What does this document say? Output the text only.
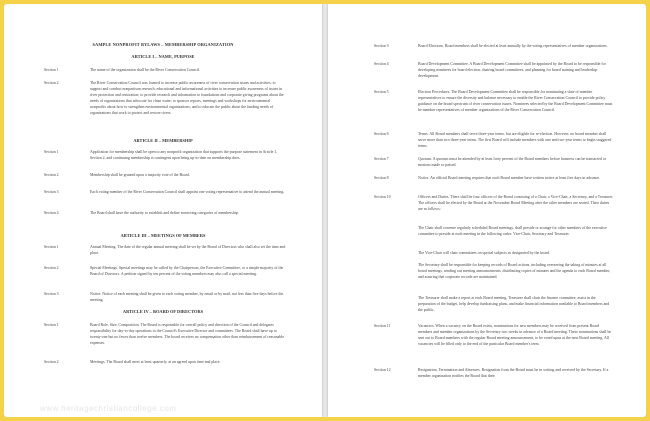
SAMPLE NONPROFIT BYLAWS – MEMBERSHIP ORGANIZATION
ARTICLE I – NAME, PURPOSE
Section 1	The name of the organization shall be the River Conservation Council.
Section 2	The River Conservation Council was formed to increase public awareness of river conservation issues and activities; to support and conduct nonpartisan research, educational and informational activities to increase public awareness of issues in river protection and restoration; to provide research and information to foundations and corporate giving programs about the needs of organizations that advocate for clean water; to sponsor reports, meetings and workshops for environmental nonprofits about how to strengthen environmental organizations; and to educate the public about the funding needs of organizations that work to protect and restore rivers.
ARTICLE II – MEMBERSHIP
Section 1	Application for membership shall be open to any nonprofit organization that supports the purpose statement in Article 1, Section 2, and continuing membership is contingent upon being up-to-date on membership dues.
Section 2	Membership shall be granted upon a majority vote of the Board.
Section 3	Each voting member of the River Conservation Council shall appoint one voting representative to attend the annual meeting.
Section 4	The Board shall have the authority to establish and define nonvoting categories of membership.
ARTICLE III – MEETINGS OF MEMBERS
Section 1	Annual Meeting. The date of the regular annual meeting shall be set by the Board of Directors who shall also set the time and place.
Section 2	Special Meetings. Special meetings may be called by the Chairperson, the Executive Committee, or a simple majority of the Board of Directors. A petition signed by ten percent of the voting members may also call a special meeting.
Section 3	Notice. Notice of each meeting shall be given to each voting member, by email or by mail, not less than five days before the meeting.
ARTICLE IV – BOARD OF DIRECTORS
Section 1	Board Role, Size, Composition. The Board is responsible for overall policy and direction of the Council and delegates responsibility for day-to-day operations to the Council's Executive Director and committees. The Board shall have up to twenty-one but no fewer than twelve members. The board receives no compensation other than reimbursement of reasonable expenses.
Section 2	Meetings. The Board shall meet at least quarterly, at an agreed upon time and place.
www.heritagechristiancollege.com
Section 3	Board Elections. Board members shall be elected at least annually by the voting representatives of member organizations.
Section 4	Board Development Committee. A Board Development Committee shall be appointed by the Board to be responsible for developing nominees for board election, chairing board committees, and planning for board training and leadership development.
Section 5	Election Procedures. The Board Development Committee shall be responsible for nominating a slate of member representatives to ensure the diversity and balance necessary to enable the River Conservation Council to provide policy guidance on the broad spectrum of river conservation issues. Nominees selected by the Board Development Committee must be member representatives of member organizations of the River Conservation Council.
Section 6	Terms. All Board members shall serve three-year terms, but are eligible for re-election. However, no board member shall serve more than two three-year terms. The first Board will include members with one and two-year terms to begin staggered terms.
Section 7	Quorum. A quorum must be attended by at least forty percent of the Board members before business can be transacted or motions made or passed.
Section 8	Notice. An official Board meeting requires that each Board member have written notice at least five days in advance.
Section 10	Officers and Duties. There shall be four officers of the Board consisting of a Chair, a Vice-Chair, a Secretary, and a Treasurer. The officers shall be elected by the Board at the November Board Meeting after the other members are seated. Their duties are as follows:
The Chair shall convene regularly scheduled Board meetings, shall preside or arrange for other members of the executive committee to preside at each meeting in the following order: Vice-Chair, Secretary and Treasurer.
The Vice-Chair will chair committees on special subjects as designated by the board.
The Secretary shall be responsible for keeping records of Board actions, including overseeing the taking of minutes at all board meetings, sending out meeting announcements, distributing copies of minutes and the agenda to each Board member, and assuring that corporate records are maintained.
The Treasurer shall make a report at each Board meeting. Treasurer shall chair the finance committee, assist in the preparation of the budget, help develop fundraising plans, and make financial information available to Board members and the public.
Section 11	Vacancies. When a vacancy on the Board exists, nominations for new members may be received from present Board members and member organizations by the Secretary two weeks in advance of a Board meeting. These nominations shall be sent out to Board members with the regular Board meeting announcement, to be voted upon at the next Board meeting. All vacancies will be filled only to the end of the particular Board member's term.
Section 12	Resignation, Termination and Absences. Resignation from the Board must be in writing and received by the Secretary. If a member organization notifies the Board that their
